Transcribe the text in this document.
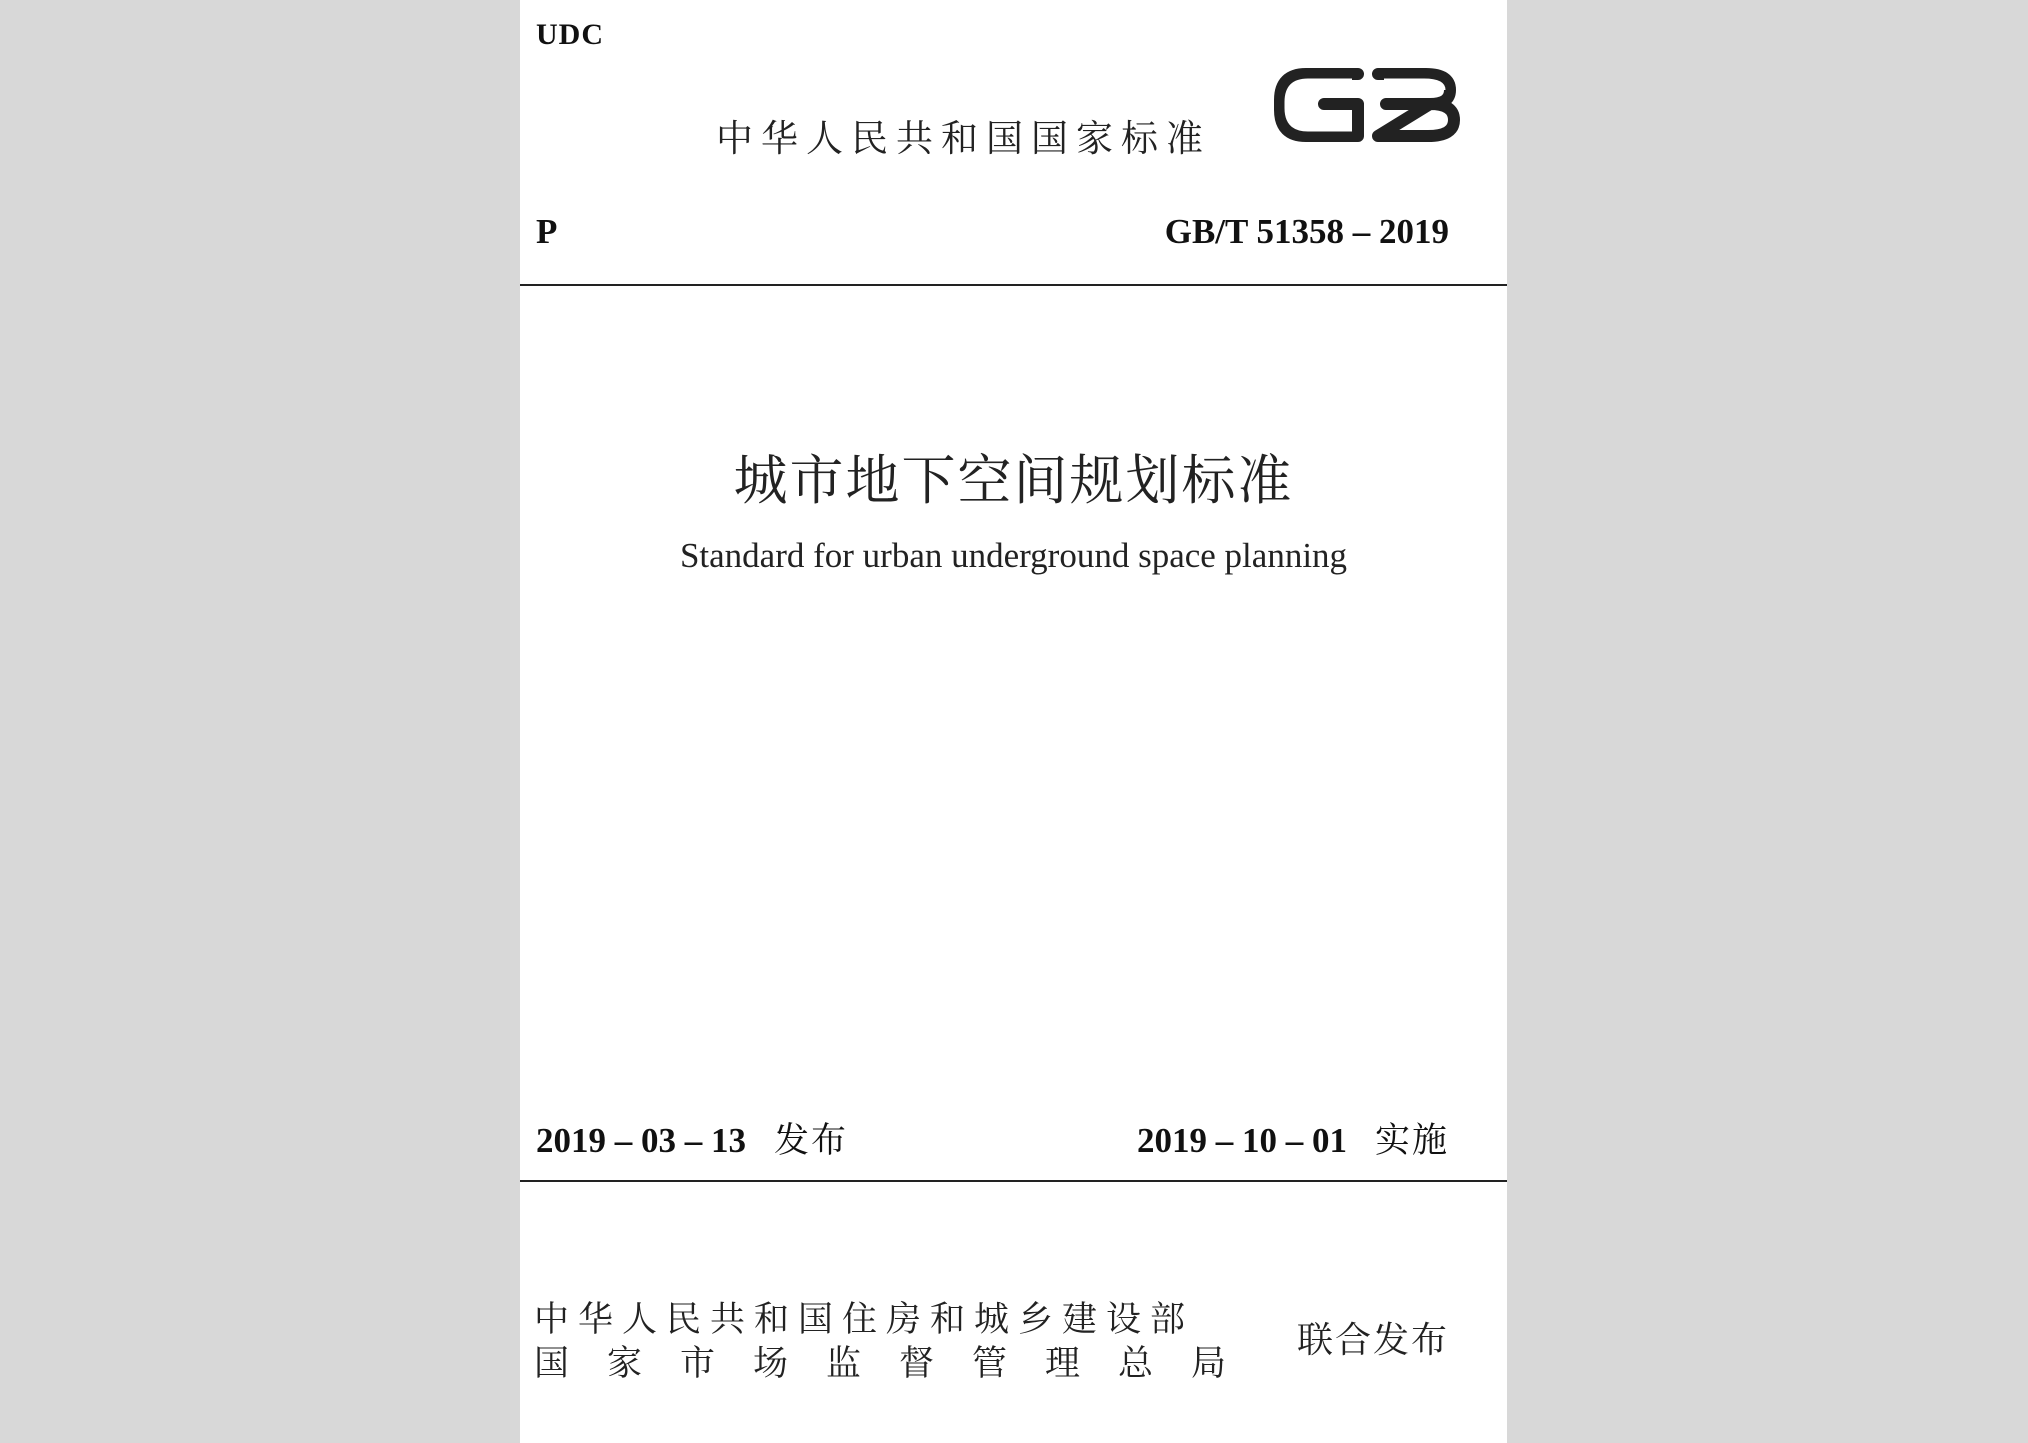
UDC
中华人民共和国国家标准
P	GB/T 51358 – 2019
城市地下空间规划标准
Standard for urban underground space planning
2019 – 03 – 13 发布	2019 – 10 – 01 实施
中华人民共和国住房和城乡建设部
国家市场监督管理总局
联合发布
